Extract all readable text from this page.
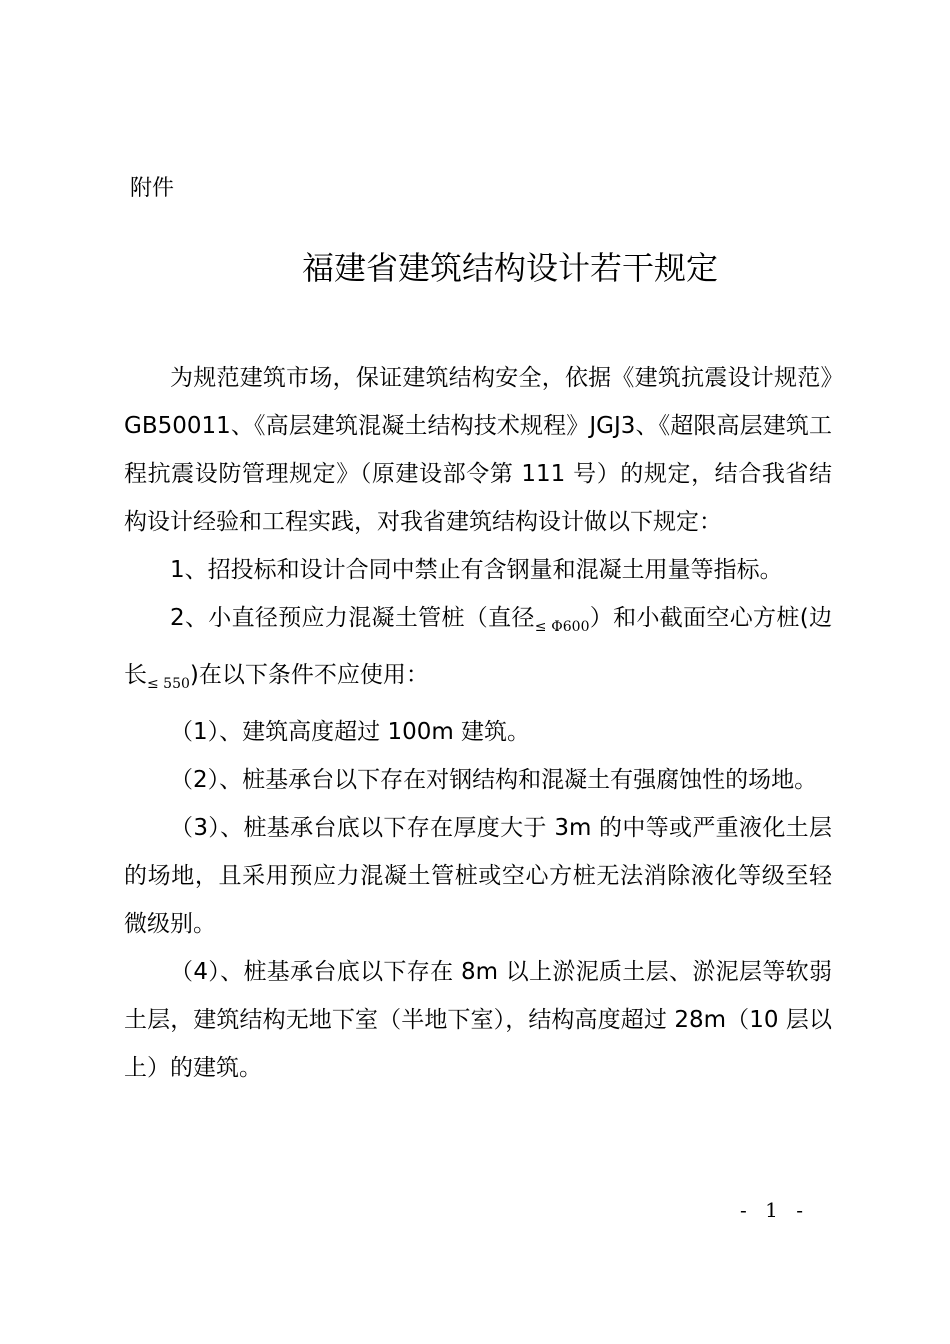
附件
福建省建筑结构设计若干规定

为规范建筑市场，保证建筑结构安全，依据《建筑抗震设计规范》GB50011、《高层建筑混凝土结构技术规程》JGJ3、《超限高层建筑工程抗震设防管理规定》（原建设部令第 111 号）的规定，结合我省结构设计经验和工程实践，对我省建筑结构设计做以下规定：

1、招投标和设计合同中禁止有含钢量和混凝土用量等指标。

2、小直径预应力混凝土管桩（直径$_{\le \Phi 600}$）和小截面空心方桩(边长$_{\le 550}$)在以下条件不应使用：

（1）、建筑高度超过 100m 建筑。

（2）、桩基承台以下存在对钢结构和混凝土有强腐蚀性的场地。

（3）、桩基承台底以下存在厚度大于 3m 的中等或严重液化土层的场地，且采用预应力混凝土管桩或空心方桩无法消除液化等级至轻微级别。

（4）、桩基承台底以下存在 8m 以上淤泥质土层、淤泥层等软弱土层，建筑结构无地下室（半地下室），结构高度超过 28m（10 层以上）的建筑。

- 1 -
